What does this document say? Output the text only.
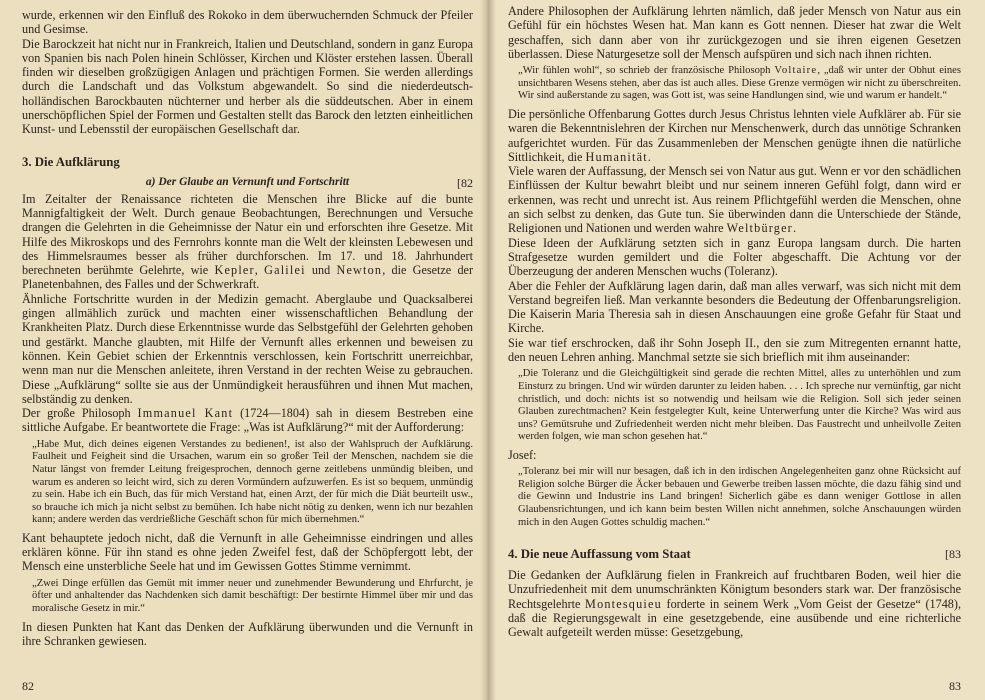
wurde, erkennen wir den Einfluß des Rokoko in dem überwuchernden Schmuck der Pfeiler und Gesimse.

Die Barockzeit hat nicht nur in Frankreich, Italien und Deutschland, sondern in ganz Europa von Spanien bis nach Polen hinein Schlösser, Kirchen und Klöster erstehen lassen. Überall finden wir dieselben großzügigen Anlagen und prächtigen Formen. Sie werden allerdings durch die Landschaft und das Volkstum abgewandelt. So sind die niederdeutsch-holländischen Barockbauten nüchterner und herber als die süddeutschen. Aber in einem unerschöpflichen Spiel der Formen und Gestalten stellt das Barock den letzten einheitlichen Kunst- und Lebensstil der europäischen Gesellschaft dar.

3. Die Aufklärung
a) Der Glaube an Vernunft und Fortschritt	[82

Im Zeitalter der Renaissance richteten die Menschen ihre Blicke auf die bunte Mannigfaltigkeit der Welt. Durch genaue Beobachtungen, Berechnungen und Versuche drangen die Gelehrten in die Geheimnisse der Natur ein und erforschten ihre Gesetze. Mit Hilfe des Mikroskops und des Fernrohrs konnte man die Welt der kleinsten Lebewesen und des Himmelsraumes besser als früher durchforschen. Im 17. und 18. Jahrhundert berechneten berühmte Gelehrte, wie Kepler, Galilei und Newton, die Gesetze der Planetenbahnen, des Falles und der Schwerkraft.

Ähnliche Fortschritte wurden in der Medizin gemacht. Aberglaube und Quacksalberei gingen allmählich zurück und machten einer wissenschaftlichen Behandlung der Krankheiten Platz. Durch diese Erkenntnisse wurde das Selbstgefühl der Gelehrten gehoben und gestärkt. Manche glaubten, mit Hilfe der Vernunft alles erkennen und beweisen zu können. Kein Gebiet schien der Erkenntnis verschlossen, kein Fortschritt unerreichbar, wenn man nur die Menschen anleitete, ihren Verstand in der rechten Weise zu gebrauchen. Diese „Aufklärung“ sollte sie aus der Unmündigkeit herausführen und ihnen Mut machen, selbständig zu denken.

Der große Philosoph Immanuel Kant (1724—1804) sah in diesem Bestreben eine sittliche Aufgabe. Er beantwortete die Frage: „Was ist Aufklärung?“ mit der Aufforderung:

„Habe Mut, dich deines eigenen Verstandes zu bedienen!, ist also der Wahlspruch der Aufklärung. Faulheit und Feigheit sind die Ursachen, warum ein so großer Teil der Menschen, nachdem sie die Natur längst von fremder Leitung freigesprochen, dennoch gerne zeitlebens unmündig bleiben, und warum es anderen so leicht wird, sich zu deren Vormündern aufzuwerfen. Es ist so bequem, unmündig zu sein. Habe ich ein Buch, das für mich Verstand hat, einen Arzt, der für mich die Diät beurteilt usw., so brauche ich mich ja nicht selbst zu bemühen. Ich habe nicht nötig zu denken, wenn ich nur bezahlen kann; andere werden das verdrießliche Geschäft schon für mich übernehmen.“

Kant behauptete jedoch nicht, daß die Vernunft in alle Geheimnisse eindringen und alles erklären könne. Für ihn stand es ohne jeden Zweifel fest, daß der Schöpfergott lebt, der Mensch eine unsterbliche Seele hat und im Gewissen Gottes Stimme vernimmt.

„Zwei Dinge erfüllen das Gemüt mit immer neuer und zunehmender Bewunderung und Ehrfurcht, je öfter und anhaltender das Nachdenken sich damit beschäftigt: Der bestirnte Himmel über mir und das moralische Gesetz in mir.“

In diesen Punkten hat Kant das Denken der Aufklärung überwunden und die Vernunft in ihre Schranken gewiesen.

82

Andere Philosophen der Aufklärung lehrten nämlich, daß jeder Mensch von Natur aus ein Gefühl für ein höchstes Wesen hat. Man kann es Gott nennen. Dieser hat zwar die Welt geschaffen, sich dann aber von ihr zurückgezogen und sie ihren eigenen Gesetzen überlassen. Diese Naturgesetze soll der Mensch aufspüren und sich nach ihnen richten.

„Wir fühlen wohl“, so schrieb der französische Philosoph Voltaire, „daß wir unter der Obhut eines unsichtbaren Wesens stehen, aber das ist auch alles. Diese Grenze vermögen wir nicht zu überschreiten. Wir sind außerstande zu sagen, was Gott ist, was seine Handlungen sind, wie und warum er handelt.“

Die persönliche Offenbarung Gottes durch Jesus Christus lehnten viele Aufklärer ab. Für sie waren die Bekenntnislehren der Kirchen nur Menschenwerk, durch das unnötige Schranken aufgerichtet wurden. Für das Zusammenleben der Menschen genügte ihnen die natürliche Sittlichkeit, die Humanität.

Viele waren der Auffassung, der Mensch sei von Natur aus gut. Wenn er vor den schädlichen Einflüssen der Kultur bewahrt bleibt und nur seinem inneren Gefühl folgt, dann wird er erkennen, was recht und unrecht ist. Aus reinem Pflichtgefühl werden die Menschen, ohne an sich selbst zu denken, das Gute tun. Sie überwinden dann die Unterschiede der Stände, Religionen und Nationen und werden wahre Weltbürger.

Diese Ideen der Aufklärung setzten sich in ganz Europa langsam durch. Die harten Strafgesetze wurden gemildert und die Folter abgeschafft. Die Achtung vor der Überzeugung der anderen Menschen wuchs (Toleranz).

Aber die Fehler der Aufklärung lagen darin, daß man alles verwarf, was sich nicht mit dem Verstand begreifen ließ. Man verkannte besonders die Bedeutung der Offenbarungsreligion. Die Kaiserin Maria Theresia sah in diesen Anschauungen eine große Gefahr für Staat und Kirche.

Sie war tief erschrocken, daß ihr Sohn Joseph II., den sie zum Mitregenten ernannt hatte, den neuen Lehren anhing. Manchmal setzte sie sich brieflich mit ihm auseinander:

„Die Toleranz und die Gleichgültigkeit sind gerade die rechten Mittel, alles zu unterhöhlen und zum Einsturz zu bringen. Und wir würden darunter zu leiden haben. . . . Ich spreche nur vernünftig, gar nicht christlich, und doch: nichts ist so notwendig und heilsam wie die Religion. Soll sich jeder seinen Glauben zurechtmachen? Kein festgelegter Kult, keine Unterwerfung unter die Kirche? Was wird aus uns? Gemütsruhe und Zufriedenheit werden nicht mehr bleiben. Das Faustrecht und unheilvolle Zeiten werden folgen, wie man schon gesehen hat.“

Josef:

„Toleranz bei mir will nur besagen, daß ich in den irdischen Angelegenheiten ganz ohne Rücksicht auf Religion solche Bürger die Äcker bebauen und Gewerbe treiben lassen möchte, die dazu fähig sind und die Gewinn und Industrie ins Land bringen! Sicherlich gäbe es dann weniger Gottlose in allen Glaubensrichtungen, und ich kann beim besten Willen nicht annehmen, solche Anschauungen würden mich in den Augen Gottes schuldig machen.“

4. Die neue Auffassung vom Staat	[83

Die Gedanken der Aufklärung fielen in Frankreich auf fruchtbaren Boden, weil hier die Unzufriedenheit mit dem unumschränkten Königtum besonders stark war. Der französische Rechtsgelehrte Montesquieu forderte in seinem Werk „Vom Geist der Gesetze“ (1748), daß die Regierungsgewalt in eine gesetzgebende, eine ausübende und eine richterliche Gewalt aufgeteilt werden müsse: Gesetzgebung,

83
